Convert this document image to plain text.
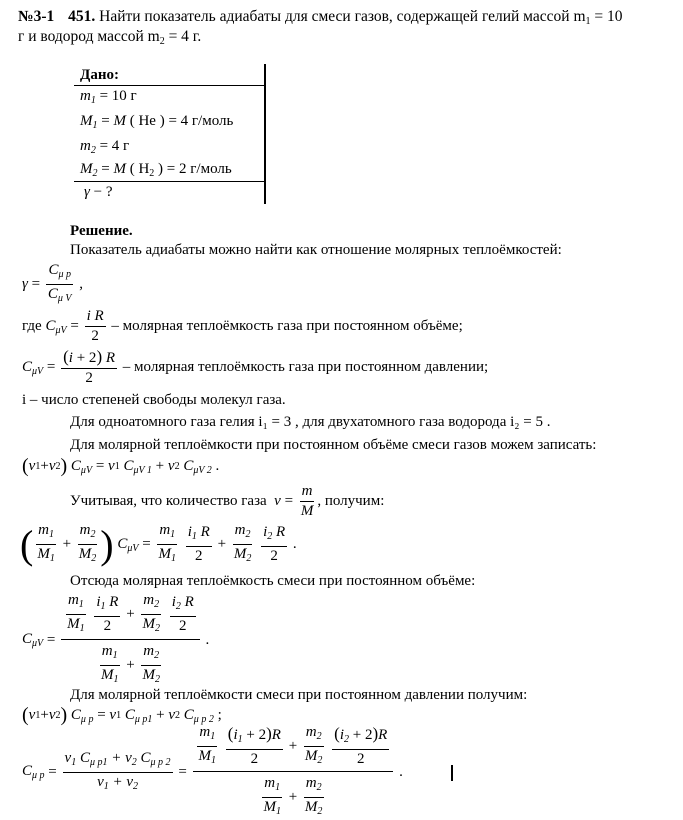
№3-1 451. Найти показатель адиабаты для смеси газов, содержащей гелий массой $m_1 = 10$
г и водород массой $m_2 = 4$ г.
Дано:
$m_1 = 10$ г
$M_1 = M$ ( He ) = 4 г/моль
$m_2 = 4$ г
$M_2 = M$ ( $H_2$ ) = 2 г/моль
γ − ?
Решение.
Показатель адиабаты можно найти как отношение молярных теплоёмкостей:
$\gamma = \frac{C_{\mu p}}{C_{\mu V}}$ ,
где
$C_{\mu V} = \frac{\text{i R}}{2}$
– молярная теплоёмкость газа при постоянном объёме;
$C_{\mu V} = \frac{(i + 2) R}{2}$
– молярная теплоёмкость газа при постоянном давлении;
i – число степеней свободы молекул газа.
Для одноатомного газа гелия i₁ = 3 , для двухатомного газа водорода i₂ = 5 .
Для молярной теплоёмкости при постоянном объёме смеси газов можем записать:
( ν 1 + ν 2 )
$C_{\mu V} = \nu$ 1
$C_{\mu V 1} + \nu$ 2
$C_{\mu V 2}$ .
Учитывая, что количество газа
$\nu = \frac{m}{M}$ , получим:
( $\frac{m_1}{M_1} + \frac{m_2}{M_2}$ )
$C_{\mu V} = \frac{m_1}{M_1}$
$\frac{i_1 R}{2} + \frac{m_2}{M_2}$
$\frac{i_2 R}{2}$ .
Отсюда молярная теплоёмкость смеси при постоянном объёме:
$C_{\mu V} = \frac{m_1}{M_1}$
$\frac{i_1 R}{2} + \frac{m_2}{M_2}$
$\frac{i_2 R}{2}$
$\frac{m_1}{M_1} + \frac{m_2}{M_2}$ .
Для молярной теплоёмкости смеси при постоянном давлении получим:
( ν 1 + ν 2 )
$C_{\mu p} = \nu$ 1
$C_{\mu p1} + \nu$ 2
$C_{\mu p 2}$ ;
$C_{\mu p} = \frac{\nu_1 C_{\mu p1} + \nu_2 C_{\mu p 2}}{\nu_1 + \nu_2} = \frac{m_1}{M_1}$
$\frac{(i_1 + 2)R}{2} + \frac{m_2}{M_2}$
$\frac{(i_2 + 2)R}{2}$
$\frac{m_1}{M_1} + \frac{m_2}{M_2}$ .
